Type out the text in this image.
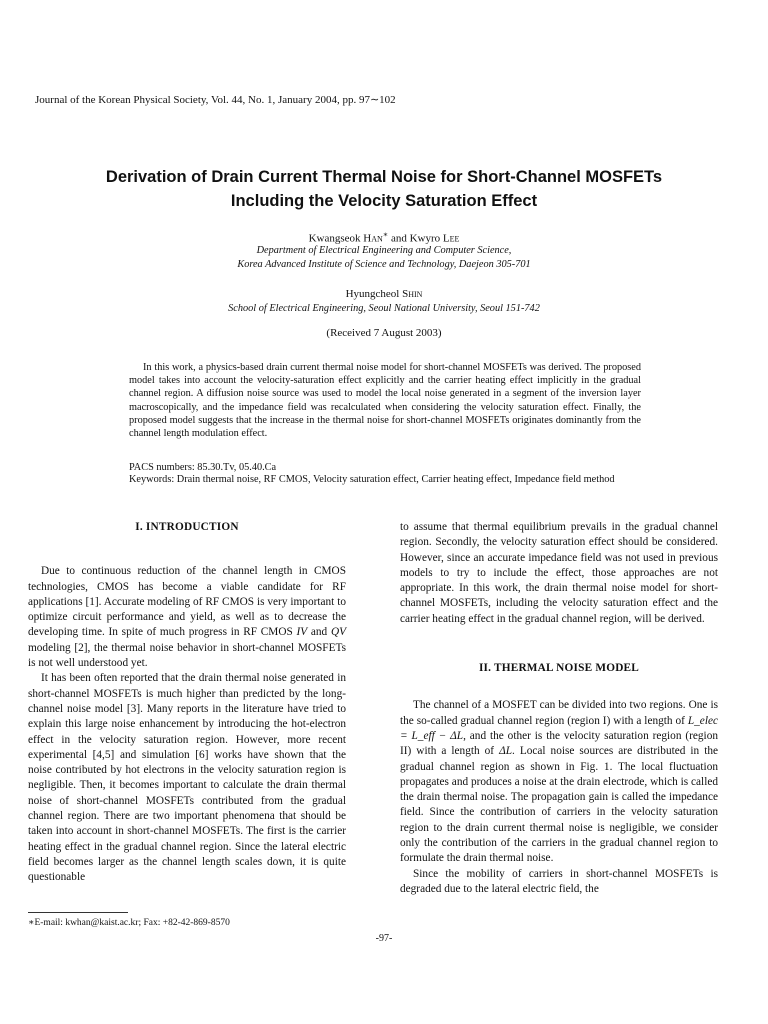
Journal of the Korean Physical Society, Vol. 44, No. 1, January 2004, pp. 97∼102
Derivation of Drain Current Thermal Noise for Short-Channel MOSFETs
Including the Velocity Saturation Effect
Kwangseok Han∗ and Kwyro Lee
Department of Electrical Engineering and Computer Science,
Korea Advanced Institute of Science and Technology, Daejeon 305-701
Hyungcheol Shin
School of Electrical Engineering, Seoul National University, Seoul 151-742
(Received 7 August 2003)
In this work, a physics-based drain current thermal noise model for short-channel MOSFETs was derived. The proposed model takes into account the velocity-saturation effect explicitly and the carrier heating effect implicitly in the gradual channel region. A diffusion noise source was used to model the local noise generated in a segment of the inversion layer macroscopically, and the impedance field was recalculated when considering the velocity saturation effect. Finally, the proposed model suggests that the increase in the thermal noise for short-channel MOSFETs originates dominantly from the channel length modulation effect.
PACS numbers: 85.30.Tv, 05.40.Ca
Keywords: Drain thermal noise, RF CMOS, Velocity saturation effect, Carrier heating effect, Impedance field method

I. INTRODUCTION

Due to continuous reduction of the channel length in CMOS technologies, CMOS has become a viable candidate for RF applications [1]. Accurate modeling of RF CMOS is very important to optimize circuit performance and yield, as well as to decrease the developing time. In spite of much progress in RF CMOS IV and QV modeling [2], the thermal noise behavior in short-channel MOSFETs is not well understood yet.

It has been often reported that the drain thermal noise generated in short-channel MOSFETs is much higher than predicted by the long-channel noise model [3]. Many reports in the literature have tried to explain this large noise enhancement by introducing the hot-electron effect in the velocity saturation region. However, more recent experimental [4,5] and simulation [6] works have shown that the noise contributed by hot electrons in the velocity saturation region is negligible. Then, it becomes important to calculate the drain thermal noise of short-channel MOSFETs contributed from the gradual channel region. There are two important phenomena that should be taken into account in short-channel MOSFETs. The first is the carrier heating effect in the gradual channel region. Since the lateral electric field becomes larger as the channel length scales down, it is quite questionable

to assume that thermal equilibrium prevails in the gradual channel region. Secondly, the velocity saturation effect should be considered. However, since an accurate impedance field was not used in previous models to try to include the effect, those approaches are not appropriate. In this work, the drain thermal noise model for short-channel MOSFETs, including the velocity saturation effect and the carrier heating effect in the gradual channel region, will be derived.

II. THERMAL NOISE MODEL

The channel of a MOSFET can be divided into two regions. One is the so-called gradual channel region (region I) with a length of L_elec = L_eff − ΔL, and the other is the velocity saturation region (region II) with a length of ΔL. Local noise sources are distributed in the gradual channel region as shown in Fig. 1. The local fluctuation propagates and produces a noise at the drain electrode, which is called the drain thermal noise. The propagation gain is called the impedance field. Since the contribution of carriers in the velocity saturation region to the drain current thermal noise is negligible, we consider only the contribution of the carriers in the gradual channel region to formulate the drain thermal noise.

Since the mobility of carriers in short-channel MOSFETs is degraded due to the lateral electric field, the

∗E-mail: kwhan@kaist.ac.kr; Fax: +82-42-869-8570
-97-
